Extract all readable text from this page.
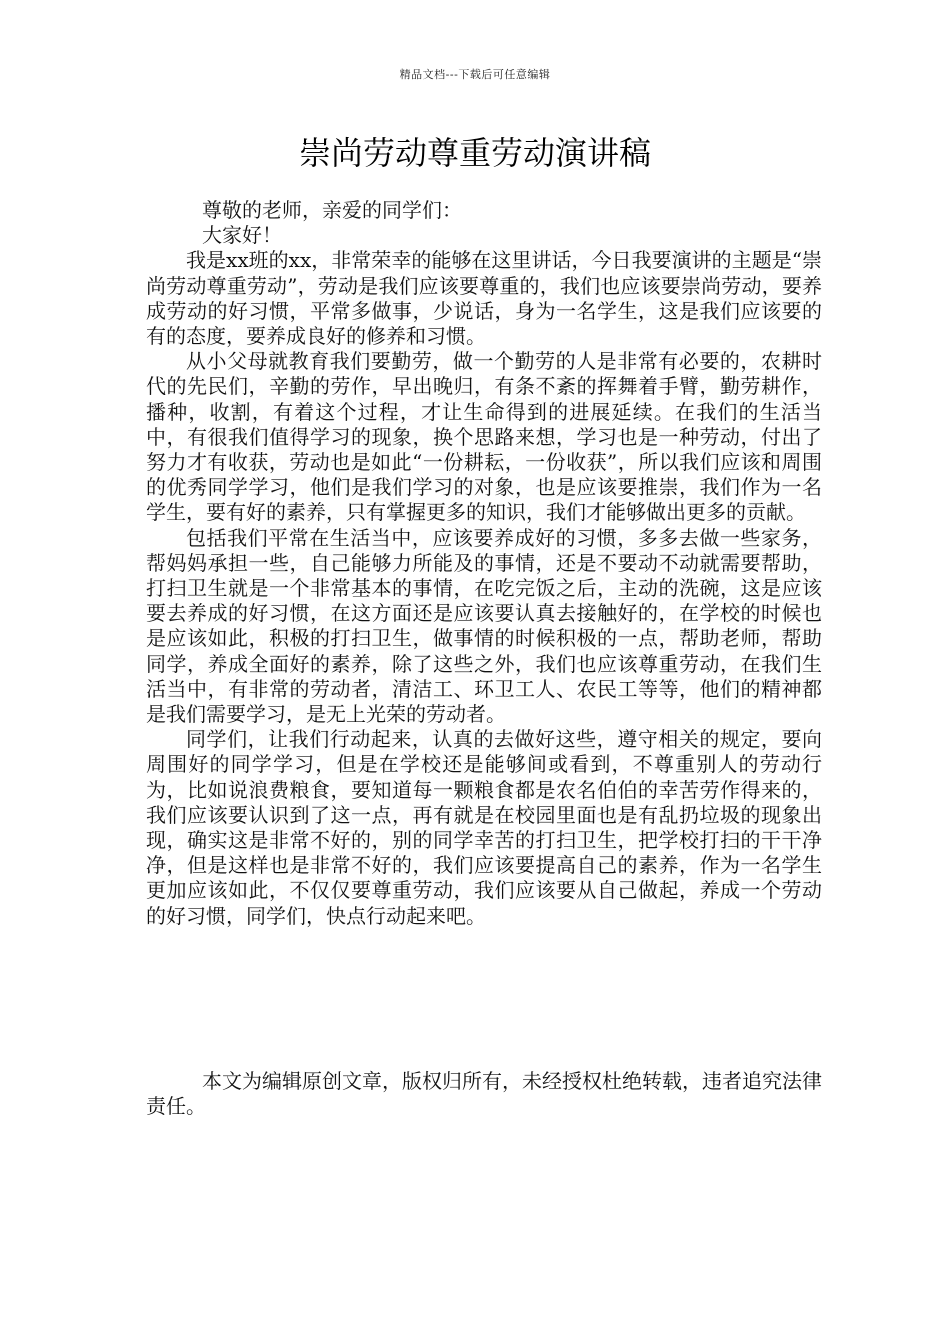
精品文档---下载后可任意编辑
崇尚劳动尊重劳动演讲稿

尊敬的老师，亲爱的同学们：

大家好！

我是xx班的xx，非常荣幸的能够在这里讲话，今日我要演讲的主题是“崇尚劳动尊重劳动”，劳动是我们应该要尊重的，我们也应该要崇尚劳动，要养成劳动的好习惯，平常多做事，少说话，身为一名学生，这是我们应该要的有的态度，要养成良好的修养和习惯。

从小父母就教育我们要勤劳，做一个勤劳的人是非常有必要的，农耕时代的先民们，辛勤的劳作，早出晚归，有条不紊的挥舞着手臂，勤劳耕作，播种，收割，有着这个过程，才让生命得到的进展延续。在我们的生活当中，有很我们值得学习的现象，换个思路来想，学习也是一种劳动，付出了努力才有收获，劳动也是如此“一份耕耘，一份收获”，所以我们应该和周围的优秀同学学习，他们是我们学习的对象，也是应该要推崇，我们作为一名学生，要有好的素养，只有掌握更多的知识，我们才能够做出更多的贡献。

包括我们平常在生活当中，应该要养成好的习惯，多多去做一些家务，帮妈妈承担一些，自己能够力所能及的事情，还是不要动不动就需要帮助，打扫卫生就是一个非常基本的事情，在吃完饭之后，主动的洗碗，这是应该要去养成的好习惯，在这方面还是应该要认真去接触好的，在学校的时候也是应该如此，积极的打扫卫生，做事情的时候积极的一点，帮助老师，帮助同学，养成全面好的素养，除了这些之外，我们也应该尊重劳动，在我们生活当中，有非常的劳动者，清洁工、环卫工人、农民工等等，他们的精神都是我们需要学习，是无上光荣的劳动者。

同学们，让我们行动起来，认真的去做好这些，遵守相关的规定，要向周围好的同学学习，但是在学校还是能够间或看到，不尊重别人的劳动行为，比如说浪费粮食，要知道每一颗粮食都是农名伯伯的幸苦劳作得来的，我们应该要认识到了这一点，再有就是在校园里面也是有乱扔垃圾的现象出现，确实这是非常不好的，别的同学幸苦的打扫卫生，把学校打扫的干干净净，但是这样也是非常不好的，我们应该要提高自己的素养，作为一名学生更加应该如此，不仅仅要尊重劳动，我们应该要从自己做起，养成一个劳动的好习惯，同学们，快点行动起来吧。

本文为编辑原创文章，版权归所有，未经授权杜绝转载，违者追究法律责任。
